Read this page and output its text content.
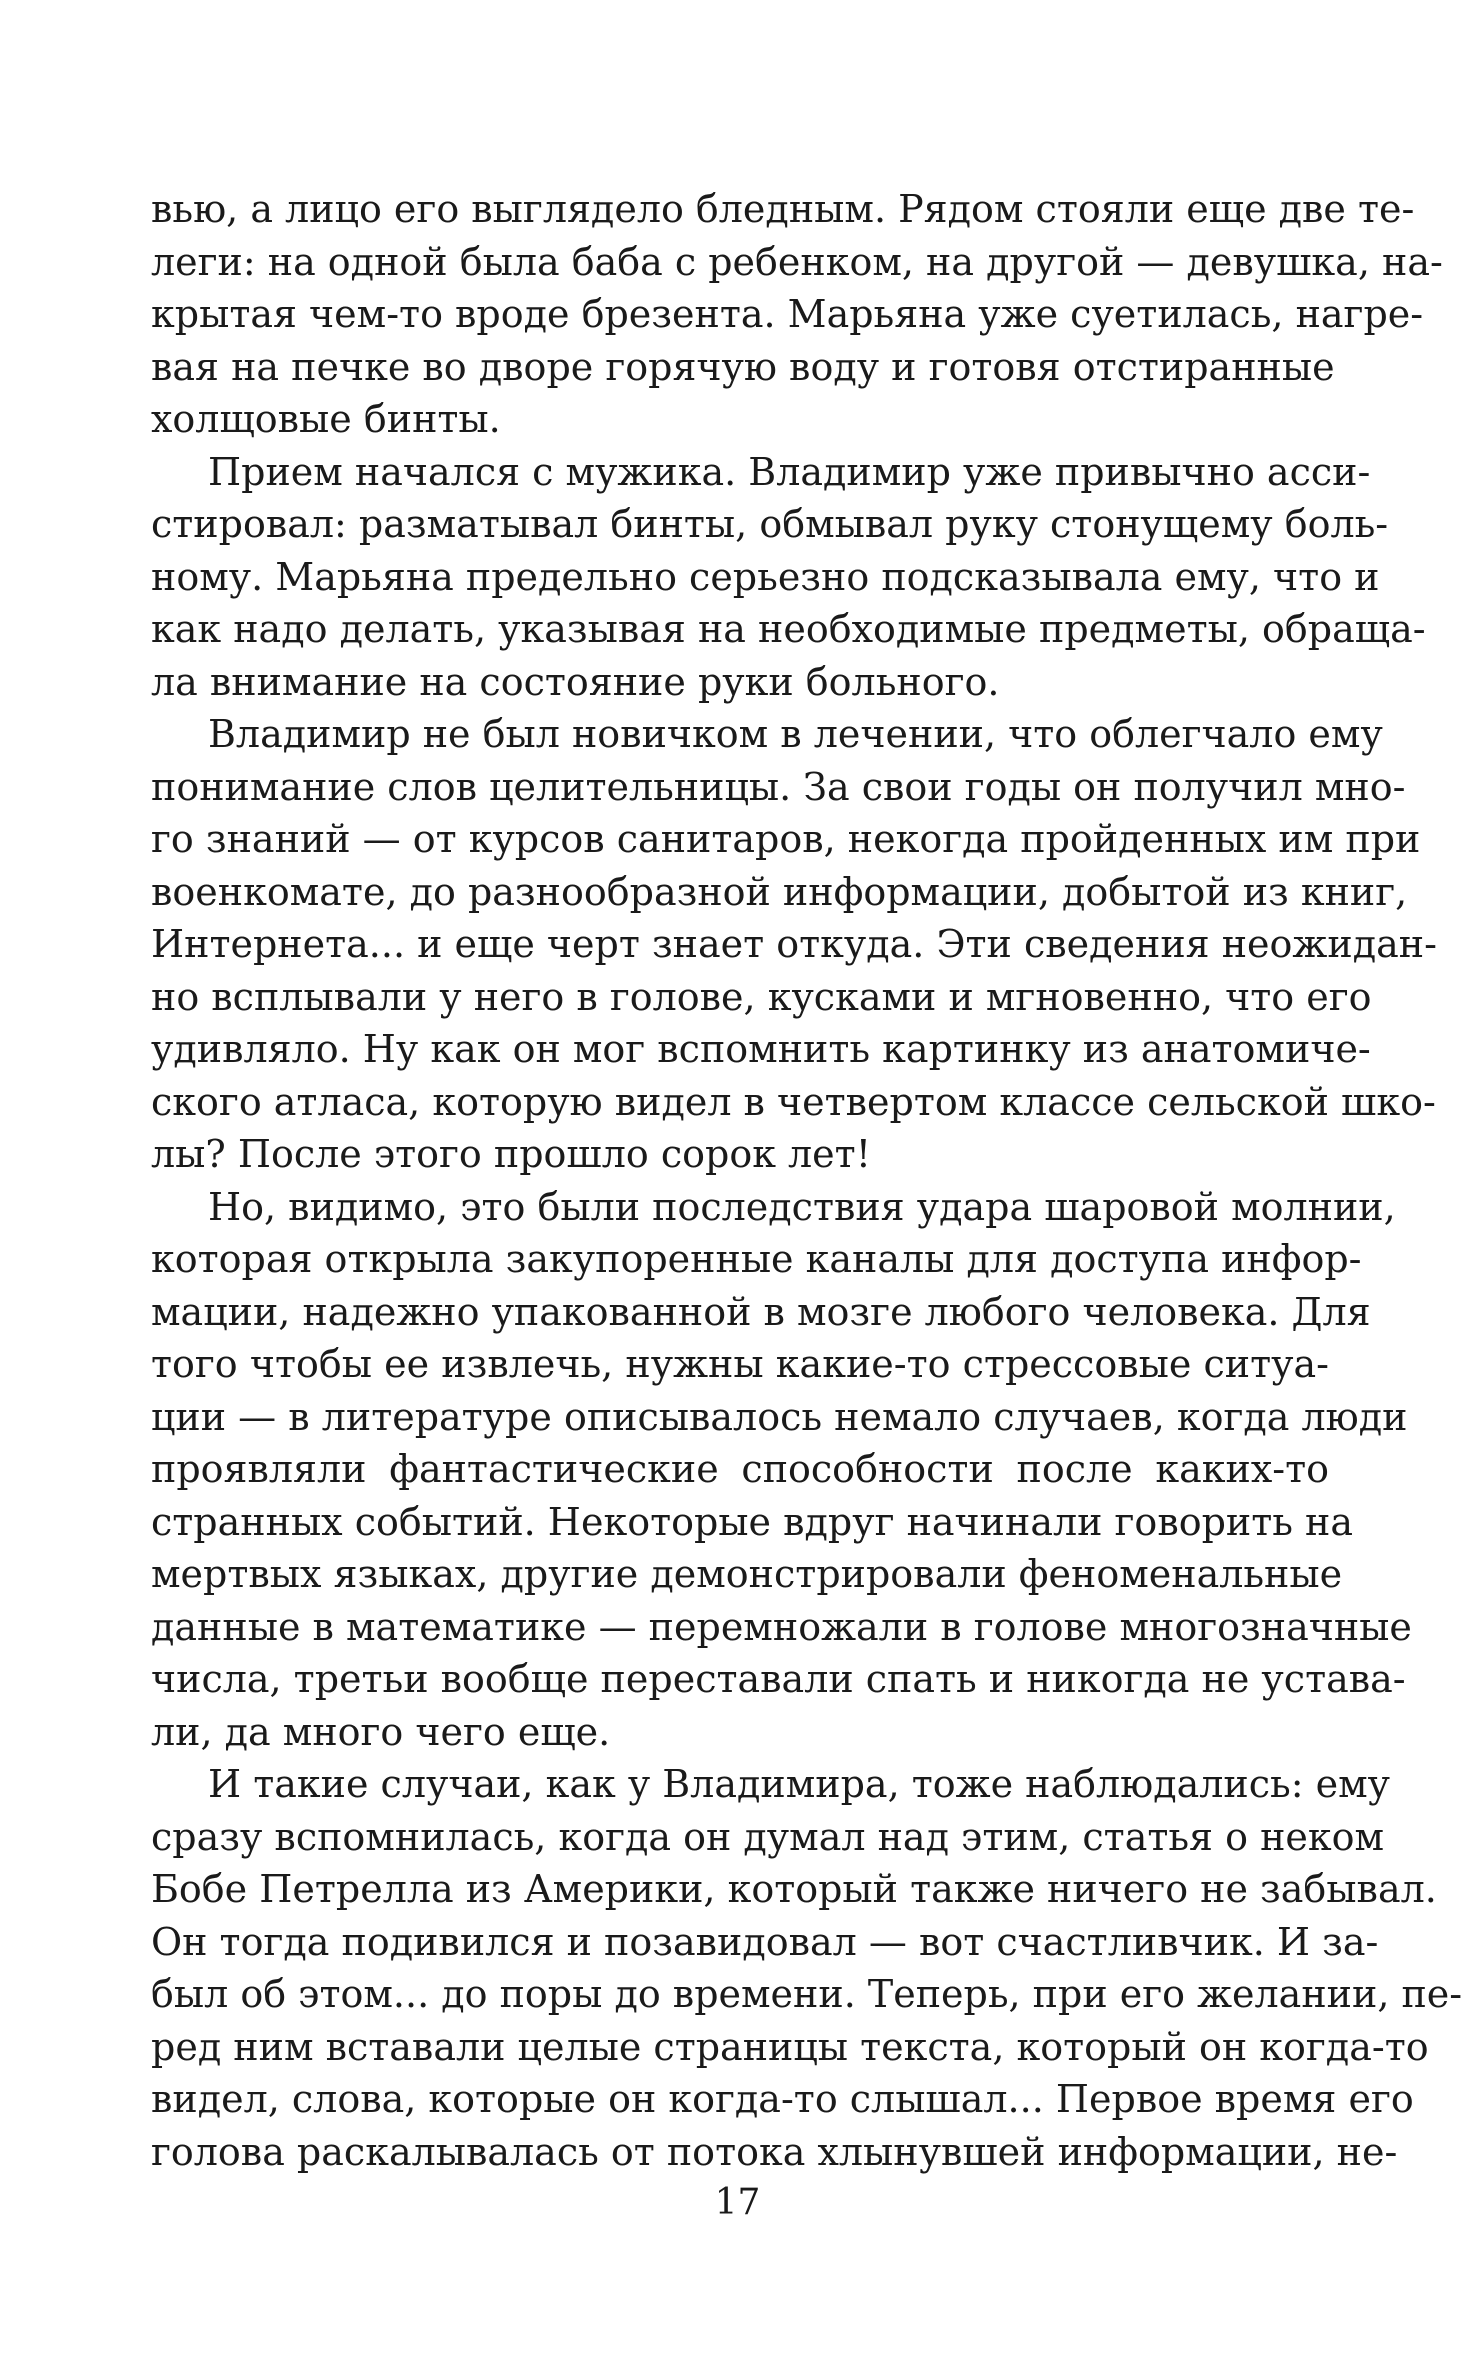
вью, а лицо его выглядело бледным. Рядом стояли еще две те-
леги: на одной была баба с ребенком, на другой — девушка, на-
крытая чем-то вроде брезента. Марьяна уже суетилась, нагре-
вая на печке во дворе горячую воду и готовя отстиранные
холщовые бинты.

Прием начался с мужика. Владимир уже привычно асси-
стировал: разматывал бинты, обмывал руку стонущему боль-
ному. Марьяна предельно серьезно подсказывала ему, что и
как надо делать, указывая на необходимые предметы, обраща-
ла внимание на состояние руки больного.

Владимир не был новичком в лечении, что облегчало ему
понимание слов целительницы. За свои годы он получил мно-
го знаний — от курсов санитаров, некогда пройденных им при
военкомате, до разнообразной информации, добытой из книг,
Интернета... и еще черт знает откуда. Эти сведения неожидан-
но всплывали у него в голове, кусками и мгновенно, что его
удивляло. Ну как он мог вспомнить картинку из анатомиче-
ского атласа, которую видел в четвертом классе сельской шко-
лы? После этого прошло сорок лет!

Но, видимо, это были последствия удара шаровой молнии,
которая открыла закупоренные каналы для доступа инфор-
мации, надежно упакованной в мозге любого человека. Для
того чтобы ее извлечь, нужны какие-то стрессовые ситуа-
ции — в литературе описывалось немало случаев, когда люди
проявляли фантастические способности после каких-то
странных событий. Некоторые вдруг начинали говорить на
мертвых языках, другие демонстрировали феноменальные
данные в математике — перемножали в голове многозначные
числа, третьи вообще переставали спать и никогда не устава-
ли, да много чего еще.

И такие случаи, как у Владимира, тоже наблюдались: ему
сразу вспомнилась, когда он думал над этим, статья о неком
Бобе Петрелла из Америки, который также ничего не забывал.
Он тогда подивился и позавидовал — вот счастливчик. И за-
был об этом... до поры до времени. Теперь, при его желании, пе-
ред ним вставали целые страницы текста, который он когда-то
видел, слова, которые он когда-то слышал... Первое время его
голова раскалывалась от потока хлынувшей информации, не-

17
